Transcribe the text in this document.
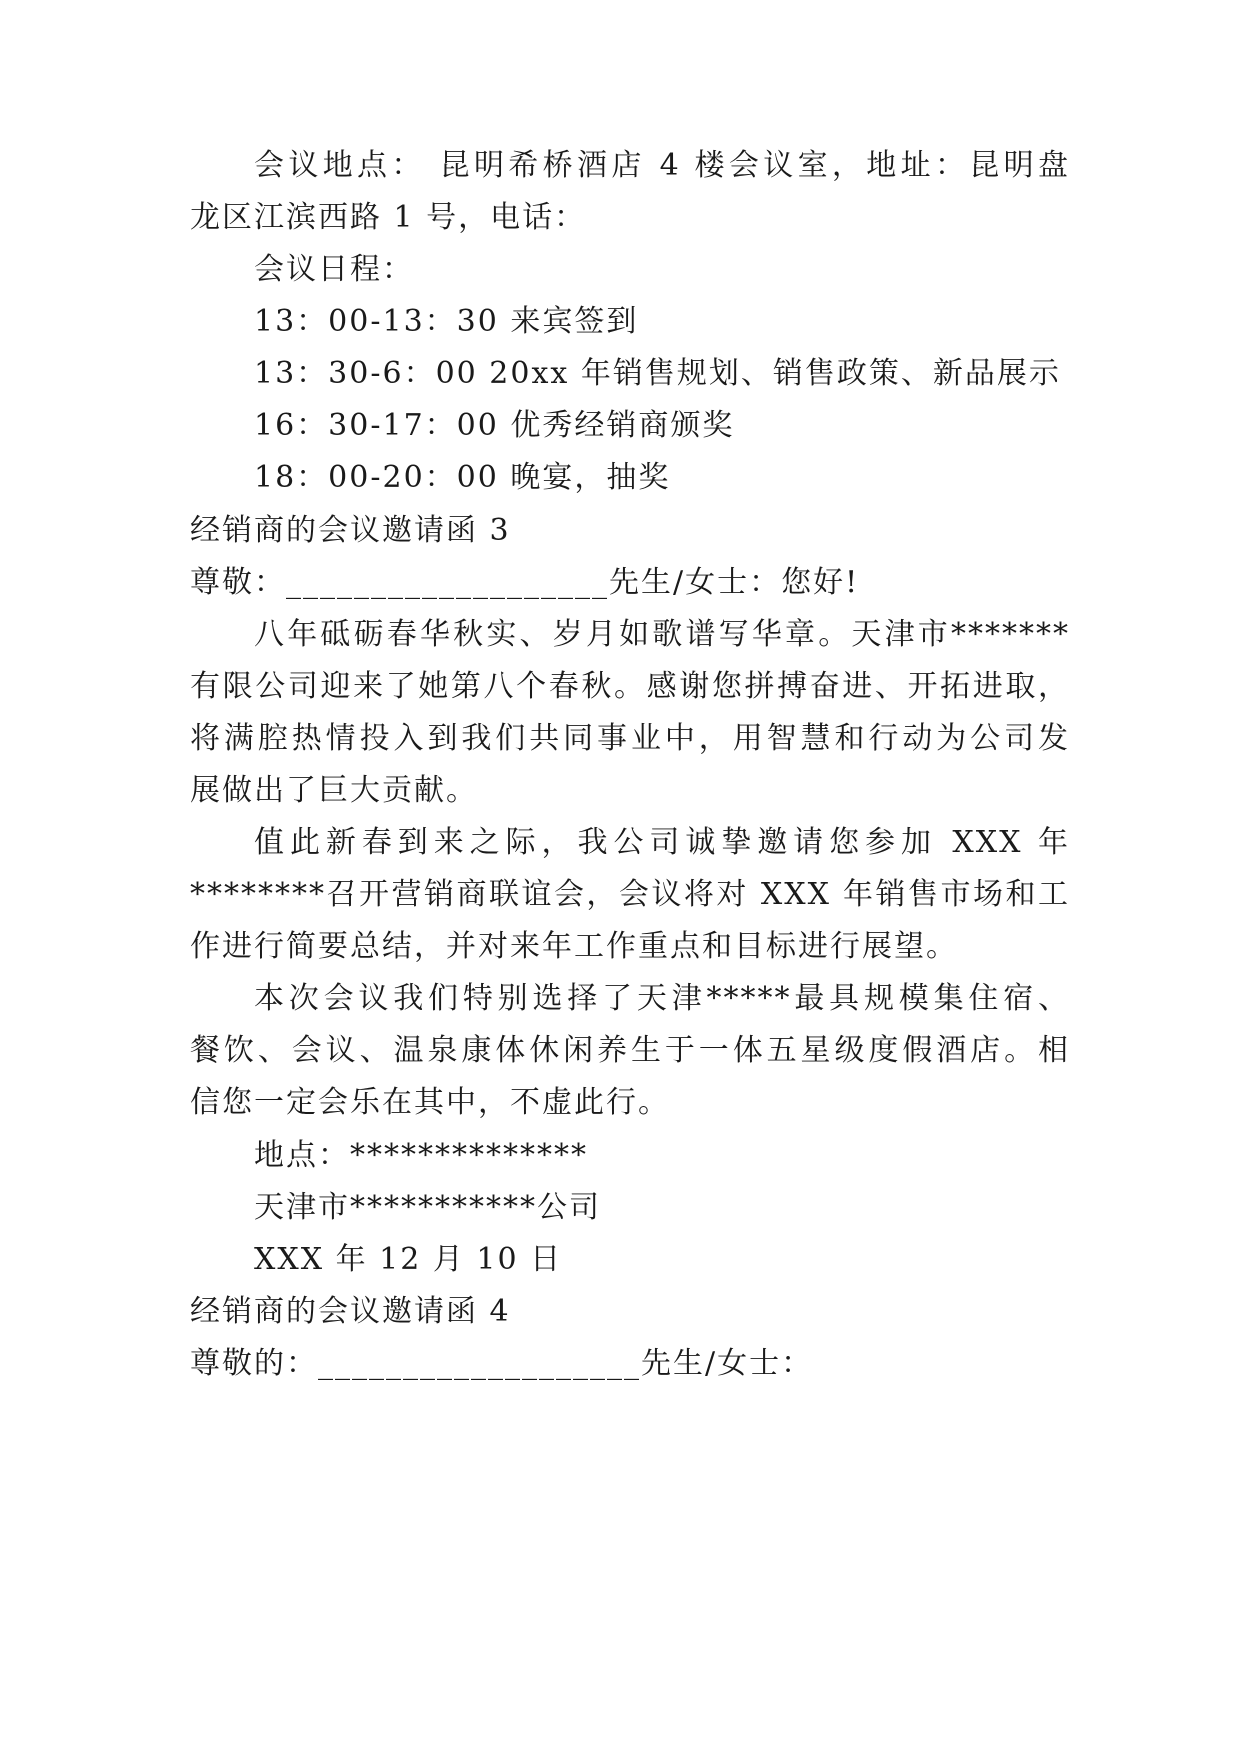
会议地点： 昆明希桥酒店 4 楼会议室，地址：昆明盘
龙区江滨西路 1 号，电话：
会议日程：
13：00-13：30 来宾签到
13：30-6：00 20xx 年销售规划、销售政策、新品展示
16：30-17：00 优秀经销商颁奖
18：00-20：00 晚宴，抽奖
经销商的会议邀请函 3
尊敬：___________________先生/女士：您好!
八年砥砺春华秋实、岁月如歌谱写华章。天津市*******
有限公司迎来了她第八个春秋。感谢您拼搏奋进、开拓进取，
将满腔热情投入到我们共同事业中，用智慧和行动为公司发
展做出了巨大贡献。
值此新春到来之际，我公司诚挚邀请您参加 XXX 年
********召开营销商联谊会，会议将对 XXX 年销售市场和工
作进行简要总结，并对来年工作重点和目标进行展望。
本次会议我们特别选择了天津*****最具规模集住宿、
餐饮、会议、温泉康体休闲养生于一体五星级度假酒店。相
信您一定会乐在其中，不虚此行。
地点：**************
天津市***********公司
XXX 年 12 月 10 日
经销商的会议邀请函 4
尊敬的：___________________先生/女士：
